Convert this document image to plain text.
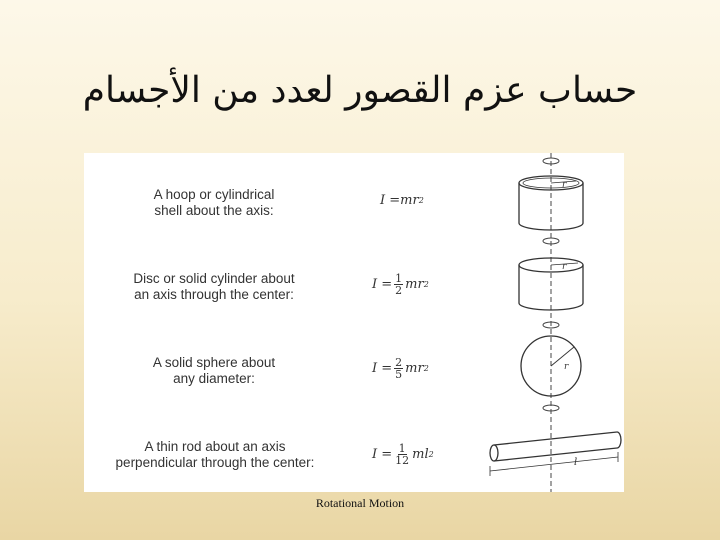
حساب عزم القصور لعدد من الأجسام
A hoop or cylindrical
shell about the axis:
I = mr 2
Disc or solid cylinder about
an axis through the center:
$I = \frac{1}{2}$ mr 2
A solid sphere about
any diameter:
$I = \frac{2}{5}$ mr 2
A thin rod about an axis
perpendicular through the center:
$I = \frac{1}{12}$ ml 2
r
r
r
l
Rotational Motion
